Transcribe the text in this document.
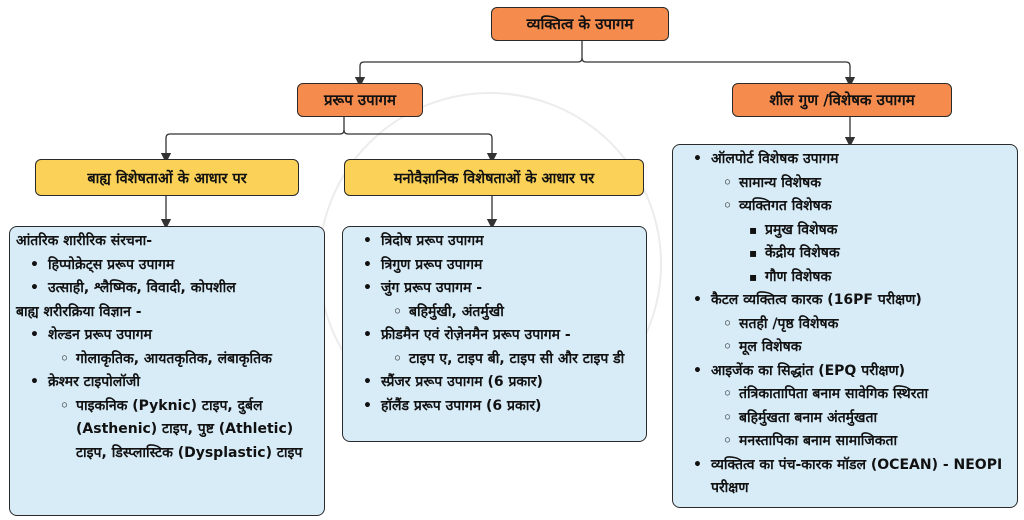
व्यक्तित्व के उपागम
प्ररूप उपागम	शील गुण /विशेषक उपागम
बाह्य विशेषताओं के आधार पर	मनोवैज्ञानिक विशेषताओं के आधार पर
आंतरिक शारीरिक संरचना-
• हिप्पोक्रेट्स प्ररूप उपागम
• उत्साही, श्लैष्मिक, विवादी, कोपशील
बाह्य शरीरक्रिया विज्ञान -
• शेल्डन प्ररूप उपागम
◦ गोलाकृतिक, आयतकृतिक, लंबाकृतिक
• क्रेश्मर टाइपोलॉजी
◦ पाइकनिक (Pyknic) टाइप, दुर्बल (Asthenic) टाइप, पुष्ट (Athletic) टाइप, डिस्प्लास्टिक (Dysplastic) टाइप
• त्रिदोष प्ररूप उपागम
• त्रिगुण प्ररूप उपागम
• जुंग प्ररूप उपागम -
◦ बहिर्मुखी, अंतर्मुखी
• फ्रीडमैन एवं रोज़ेनमैन प्ररूप उपागम -
◦ टाइप ए, टाइप बी, टाइप सी और टाइप डी
• स्प्रैंजर प्ररूप उपागम (6 प्रकार)
• हॉलैंड प्ररूप उपागम (6 प्रकार)
• ऑलपोर्ट विशेषक उपागम
◦ सामान्य विशेषक
◦ व्यक्तिगत विशेषक
▪ प्रमुख विशेषक
▪ केंद्रीय विशेषक
▪ गौण विशेषक
• कैटल व्यक्तित्व कारक (16PF परीक्षण)
◦ सतही /पृष्ठ विशेषक
◦ मूल विशेषक
• आइजेंक का सिद्धांत (EPQ परीक्षण)
◦ तंत्रिकातापिता बनाम सावेगिक स्थिरता
◦ बहिर्मुखता बनाम अंतर्मुखता
◦ मनस्तापिका बनाम सामाजिकता
• व्यक्तित्व का पंच-कारक मॉडल (OCEAN) - NEOPI परीक्षण
